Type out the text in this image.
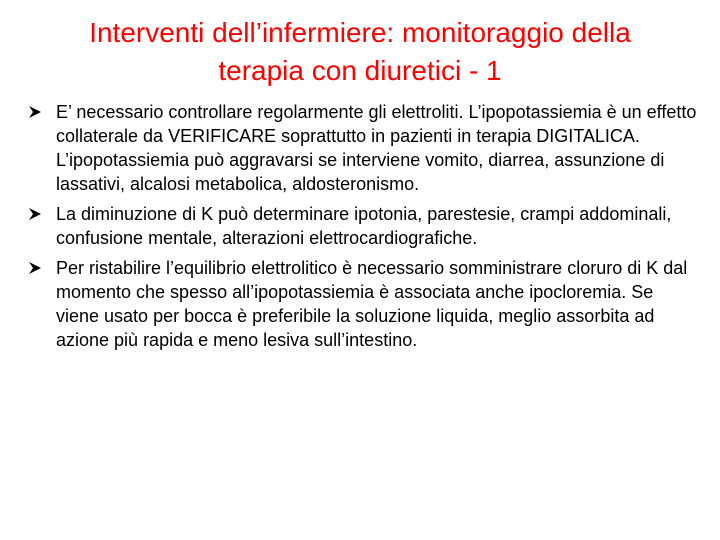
Interventi dell’infermiere: monitoraggio della
terapia con diuretici - 1
E’ necessario controllare regolarmente gli elettroliti. L’ipopotassiemia è un effetto collaterale da VERIFICARE soprattutto in pazienti in terapia DIGITALICA. L’ipopotassiemia può aggravarsi se interviene vomito, diarrea, assunzione di lassativi, alcalosi metabolica, aldosteronismo.
La diminuzione di K può determinare ipotonia, parestesie, crampi addominali, confusione mentale, alterazioni elettrocardiografiche.
Per ristabilire l’equilibrio elettrolitico è necessario somministrare cloruro di K dal momento che spesso all’ipopotassiemia è associata anche ipocloremia. Se viene usato per bocca è preferibile la soluzione liquida, meglio assorbita ad azione più rapida e meno lesiva sull’intestino.
